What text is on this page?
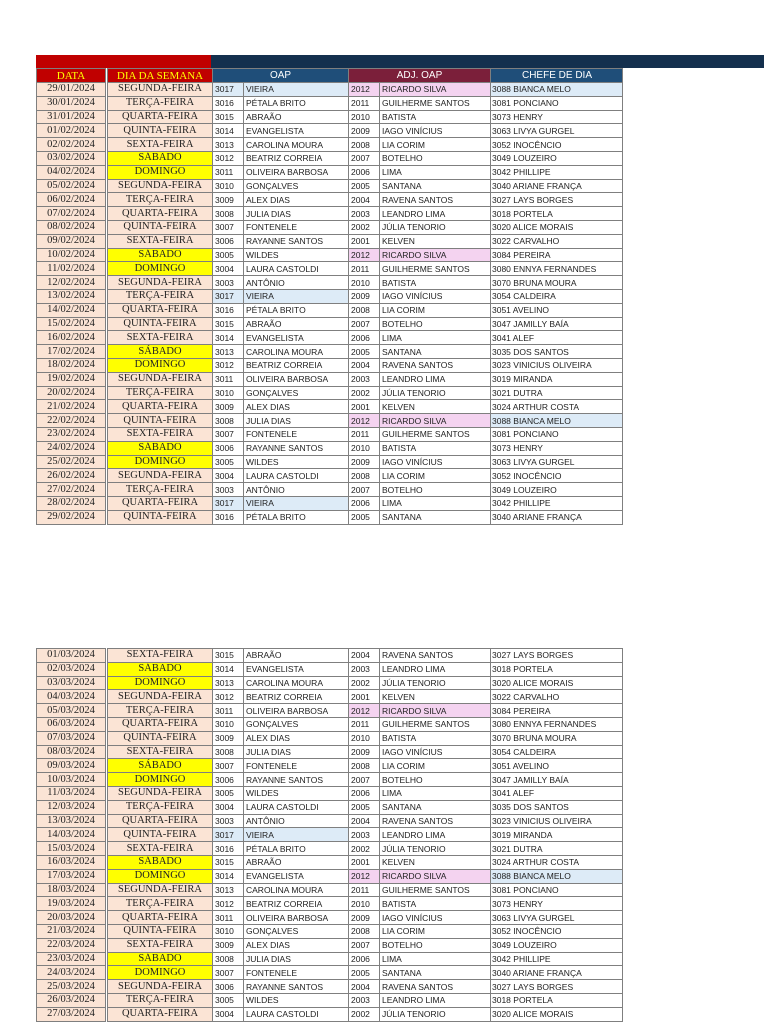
DATA	DIA DA SEMANA	OAP		ADJ. OAP		CHEFE DE DIA
29/01/2024	SEGUNDA-FEIRA	3017	VIEIRA	2012	RICARDO SILVA	3088 BIANCA MELO
30/01/2024	TERÇA-FEIRA	3016	PÉTALA BRITO	2011	GUILHERME SANTOS	3081 PONCIANO
31/01/2024	QUARTA-FEIRA	3015	ABRAÃO	2010	BATISTA	3073 HENRY
01/02/2024	QUINTA-FEIRA	3014	EVANGELISTA	2009	IAGO VINÍCIUS	3063 LIVYA GURGEL
02/02/2024	SEXTA-FEIRA	3013	CAROLINA MOURA	2008	LIA CORIM	3052 INOCÊNCIO
03/02/2024	SÁBADO	3012	BEATRIZ CORREIA	2007	BOTELHO	3049 LOUZEIRO
04/02/2024	DOMINGO	3011	OLIVEIRA BARBOSA	2006	LIMA	3042 PHILLIPE
05/02/2024	SEGUNDA-FEIRA	3010	GONÇALVES	2005	SANTANA	3040 ARIANE FRANÇA
06/02/2024	TERÇA-FEIRA	3009	ALEX DIAS	2004	RAVENA SANTOS	3027 LAYS BORGES
07/02/2024	QUARTA-FEIRA	3008	JULIA DIAS	2003	LEANDRO LIMA	3018 PORTELA
08/02/2024	QUINTA-FEIRA	3007	FONTENELE	2002	JÚLIA TENORIO	3020 ALICE MORAIS
09/02/2024	SEXTA-FEIRA	3006	RAYANNE SANTOS	2001	KELVEN	3022 CARVALHO
10/02/2024	SÁBADO	3005	WILDES	2012	RICARDO SILVA	3084 PEREIRA
11/02/2024	DOMINGO	3004	LAURA CASTOLDI	2011	GUILHERME SANTOS	3080 ENNYA FERNANDES
12/02/2024	SEGUNDA-FEIRA	3003	ANTÔNIO	2010	BATISTA	3070 BRUNA MOURA
13/02/2024	TERÇA-FEIRA	3017	VIEIRA	2009	IAGO VINÍCIUS	3054 CALDEIRA
14/02/2024	QUARTA-FEIRA	3016	PÉTALA BRITO	2008	LIA CORIM	3051 AVELINO
15/02/2024	QUINTA-FEIRA	3015	ABRAÃO	2007	BOTELHO	3047 JAMILLY BAÍA
16/02/2024	SEXTA-FEIRA	3014	EVANGELISTA	2006	LIMA	3041 ALEF
17/02/2024	SÁBADO	3013	CAROLINA MOURA	2005	SANTANA	3035 DOS SANTOS
18/02/2024	DOMINGO	3012	BEATRIZ CORREIA	2004	RAVENA SANTOS	3023 VINICIUS OLIVEIRA
19/02/2024	SEGUNDA-FEIRA	3011	OLIVEIRA BARBOSA	2003	LEANDRO LIMA	3019 MIRANDA
20/02/2024	TERÇA-FEIRA	3010	GONÇALVES	2002	JÚLIA TENORIO	3021 DUTRA
21/02/2024	QUARTA-FEIRA	3009	ALEX DIAS	2001	KELVEN	3024 ARTHUR COSTA
22/02/2024	QUINTA-FEIRA	3008	JULIA DIAS	2012	RICARDO SILVA	3088 BIANCA MELO
23/02/2024	SEXTA-FEIRA	3007	FONTENELE	2011	GUILHERME SANTOS	3081 PONCIANO
24/02/2024	SÁBADO	3006	RAYANNE SANTOS	2010	BATISTA	3073 HENRY
25/02/2024	DOMINGO	3005	WILDES	2009	IAGO VINÍCIUS	3063 LIVYA GURGEL
26/02/2024	SEGUNDA-FEIRA	3004	LAURA CASTOLDI	2008	LIA CORIM	3052 INOCÊNCIO
27/02/2024	TERÇA-FEIRA	3003	ANTÔNIO	2007	BOTELHO	3049 LOUZEIRO
28/02/2024	QUARTA-FEIRA	3017	VIEIRA	2006	LIMA	3042 PHILLIPE
29/02/2024	QUINTA-FEIRA	3016	PÉTALA BRITO	2005	SANTANA	3040 ARIANE FRANÇA
01/03/2024	SEXTA-FEIRA	3015	ABRAÃO	2004	RAVENA SANTOS	3027 LAYS BORGES
02/03/2024	SÁBADO	3014	EVANGELISTA	2003	LEANDRO LIMA	3018 PORTELA
03/03/2024	DOMINGO	3013	CAROLINA MOURA	2002	JÚLIA TENORIO	3020 ALICE MORAIS
04/03/2024	SEGUNDA-FEIRA	3012	BEATRIZ CORREIA	2001	KELVEN	3022 CARVALHO
05/03/2024	TERÇA-FEIRA	3011	OLIVEIRA BARBOSA	2012	RICARDO SILVA	3084 PEREIRA
06/03/2024	QUARTA-FEIRA	3010	GONÇALVES	2011	GUILHERME SANTOS	3080 ENNYA FERNANDES
07/03/2024	QUINTA-FEIRA	3009	ALEX DIAS	2010	BATISTA	3070 BRUNA MOURA
08/03/2024	SEXTA-FEIRA	3008	JULIA DIAS	2009	IAGO VINÍCIUS	3054 CALDEIRA
09/03/2024	SÁBADO	3007	FONTENELE	2008	LIA CORIM	3051 AVELINO
10/03/2024	DOMINGO	3006	RAYANNE SANTOS	2007	BOTELHO	3047 JAMILLY BAÍA
11/03/2024	SEGUNDA-FEIRA	3005	WILDES	2006	LIMA	3041 ALEF
12/03/2024	TERÇA-FEIRA	3004	LAURA CASTOLDI	2005	SANTANA	3035 DOS SANTOS
13/03/2024	QUARTA-FEIRA	3003	ANTÔNIO	2004	RAVENA SANTOS	3023 VINICIUS OLIVEIRA
14/03/2024	QUINTA-FEIRA	3017	VIEIRA	2003	LEANDRO LIMA	3019 MIRANDA
15/03/2024	SEXTA-FEIRA	3016	PÉTALA BRITO	2002	JÚLIA TENORIO	3021 DUTRA
16/03/2024	SÁBADO	3015	ABRAÃO	2001	KELVEN	3024 ARTHUR COSTA
17/03/2024	DOMINGO	3014	EVANGELISTA	2012	RICARDO SILVA	3088 BIANCA MELO
18/03/2024	SEGUNDA-FEIRA	3013	CAROLINA MOURA	2011	GUILHERME SANTOS	3081 PONCIANO
19/03/2024	TERÇA-FEIRA	3012	BEATRIZ CORREIA	2010	BATISTA	3073 HENRY
20/03/2024	QUARTA-FEIRA	3011	OLIVEIRA BARBOSA	2009	IAGO VINÍCIUS	3063 LIVYA GURGEL
21/03/2024	QUINTA-FEIRA	3010	GONÇALVES	2008	LIA CORIM	3052 INOCÊNCIO
22/03/2024	SEXTA-FEIRA	3009	ALEX DIAS	2007	BOTELHO	3049 LOUZEIRO
23/03/2024	SÁBADO	3008	JULIA DIAS	2006	LIMA	3042 PHILLIPE
24/03/2024	DOMINGO	3007	FONTENELE	2005	SANTANA	3040 ARIANE FRANÇA
25/03/2024	SEGUNDA-FEIRA	3006	RAYANNE SANTOS	2004	RAVENA SANTOS	3027 LAYS BORGES
26/03/2024	TERÇA-FEIRA	3005	WILDES	2003	LEANDRO LIMA	3018 PORTELA
27/03/2024	QUARTA-FEIRA	3004	LAURA CASTOLDI	2002	JÚLIA TENORIO	3020 ALICE MORAIS
